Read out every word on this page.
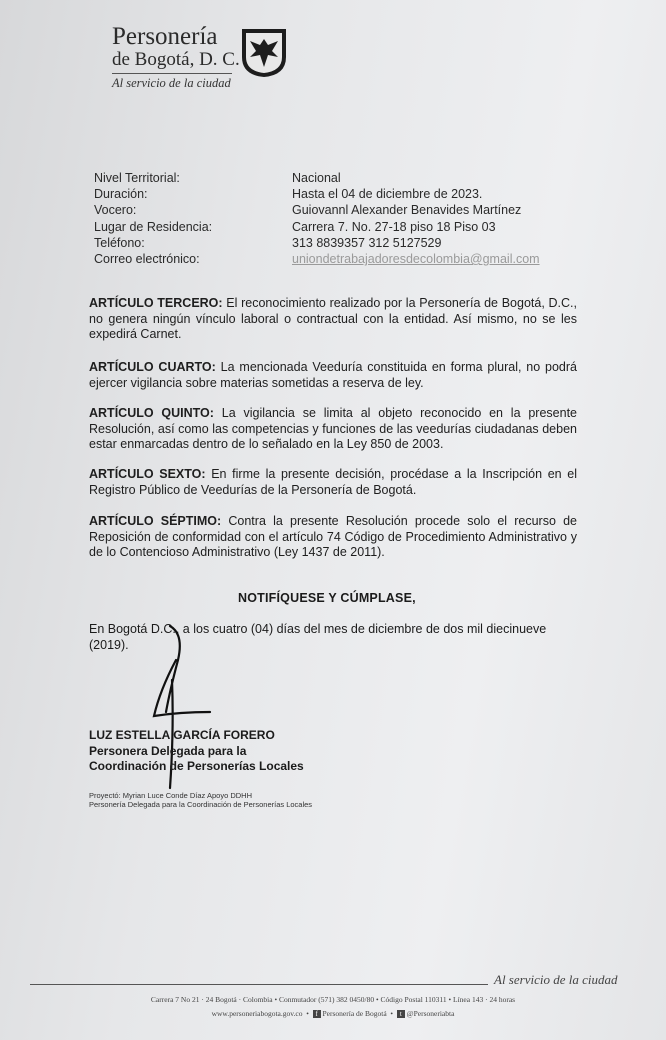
Personería
de Bogotá, D. C.
Al servicio de la ciudad
Nivel Territorial:	Nacional
Duración:	Hasta el 04 de diciembre de 2023.
Vocero:	Guiovannl Alexander Benavides Martínez
Lugar de Residencia:	Carrera 7. No. 27-18 piso 18 Piso 03
Teléfono:	313 8839357 312 5127529
Correo electrónico:	uniondetrabajadoresdecolombia@gmail.com
ARTÍCULO TERCERO: El reconocimiento realizado por la Personería de Bogotá, D.C., no genera ningún vínculo laboral o contractual con la entidad. Así mismo, no se les expedirá Carnet.
ARTÍCULO CUARTO: La mencionada Veeduría constituida en forma plural, no podrá ejercer vigilancia sobre materias sometidas a reserva de ley.
ARTÍCULO QUINTO: La vigilancia se limita al objeto reconocido en la presente Resolución, así como las competencias y funciones de las veedurías ciudadanas deben estar enmarcadas dentro de lo señalado en la Ley 850 de 2003.
ARTÍCULO SEXTO: En firme la presente decisión, procédase a la Inscripción en el Registro Público de Veedurías de la Personería de Bogotá.
ARTÍCULO SÉPTIMO: Contra la presente Resolución procede solo el recurso de Reposición de conformidad con el artículo 74 Código de Procedimiento Administrativo y de lo Contencioso Administrativo (Ley 1437 de 2011).
NOTIFÍQUESE Y CÚMPLASE,
En Bogotá D.C., a los cuatro (04) días del mes de diciembre de dos mil diecinueve (2019).
LUZ ESTELLA GARCÍA FORERO
Personera Delegada para la
Coordinación de Personerías Locales
Proyectó: Myrian Luce Conde Díaz Apoyo DDHH
Personería Delegada para la Coordinación de Personerías Locales
Al servicio de la ciudad
Carrera 7 No 21 · 24 Bogotá · Colombia • Conmutador (571) 382 0450/80 • Código Postal 110311 • Línea 143 · 24 horas
www.personeriabogota.gov.co  •  f Personería de Bogotá  •  t @Personeriabta
